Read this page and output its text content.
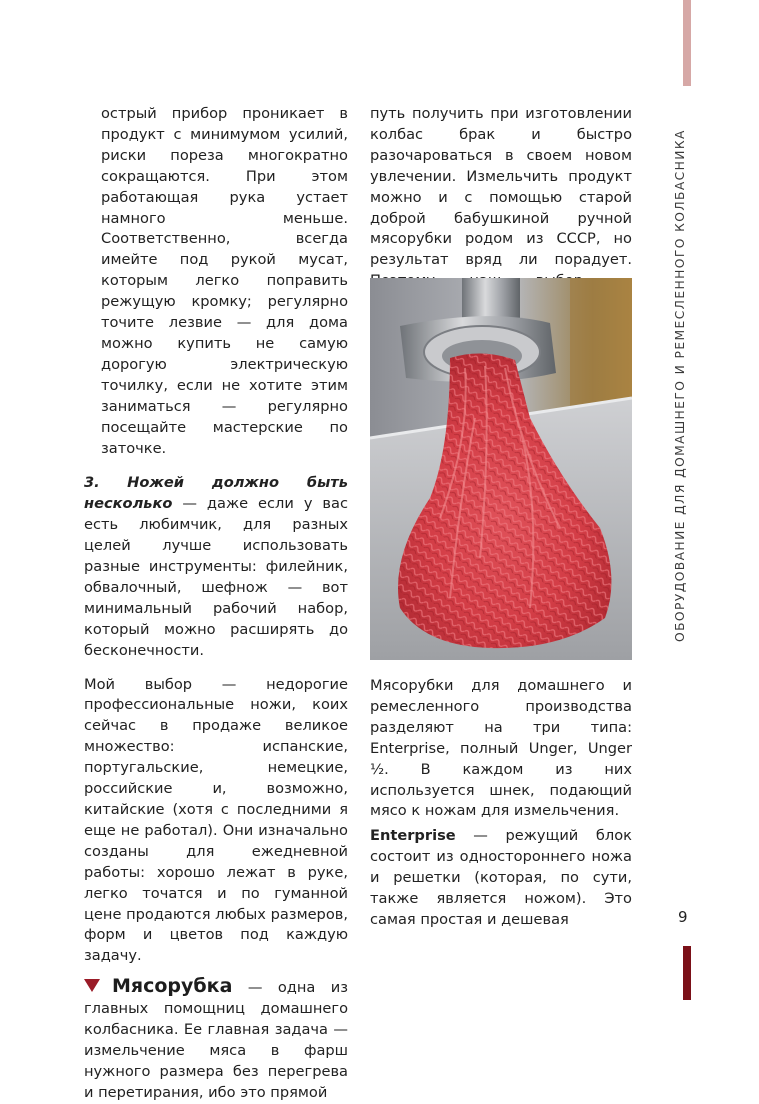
ОБОРУДОВАНИЕ ДЛЯ ДОМАШНЕГО И РЕМЕСЛЕННОГО КОЛБАСНИКА
9

острый прибор проникает в продукт с минимумом усилий, риски пореза многократно сокращаются. При этом работающая рука устает намного меньше. Соответственно, всегда имейте под рукой мусат, которым легко поправить режущую кромку; регулярно точите лезвие — для дома можно купить не самую дорогую электрическую точилку, если не хотите этим заниматься — регулярно посещайте мастерские по заточке.

3. Ножей должно быть несколько — даже если у вас есть любимчик, для разных целей лучше использовать разные инструменты: филейник, обвалочный, шефнож — вот минимальный рабочий набор, который можно расширять до бесконечности.

Мой выбор — недорогие профессиональные ножи, коих сейчас в продаже великое множество: испанские, португальские, немецкие, российские и, возможно, китайские (хотя с последними я еще не работал). Они изначально созданы для ежедневной работы: хорошо лежат в руке, легко точатся и по гуманной цене продаются любых размеров, форм и цветов под каждую задачу.

Мясорубка — одна из главных помощниц домашнего колбасника. Ее главная задача — измельчение мяса в фарш нужного размера без перегрева и перетирания, ибо это прямой

путь получить при изготовлении колбас брак и быстро разочароваться в своем новом увлечении. Измельчить продукт можно и с помощью старой доброй бабушкиной ручной мясорубки родом из СССР, но результат вряд ли порадует.

Мясорубки для домашнего и ремесленного производства разделяют на три типа: Enterprise, полный Unger, Unger ½. В каждом из них используется шнек, подающий мясо к ножам для измельчения.

Enterprise — режущий блок состоит из одностороннего ножа и решетки (которая, по сути, также является ножом). Это самая простая и дешевая
